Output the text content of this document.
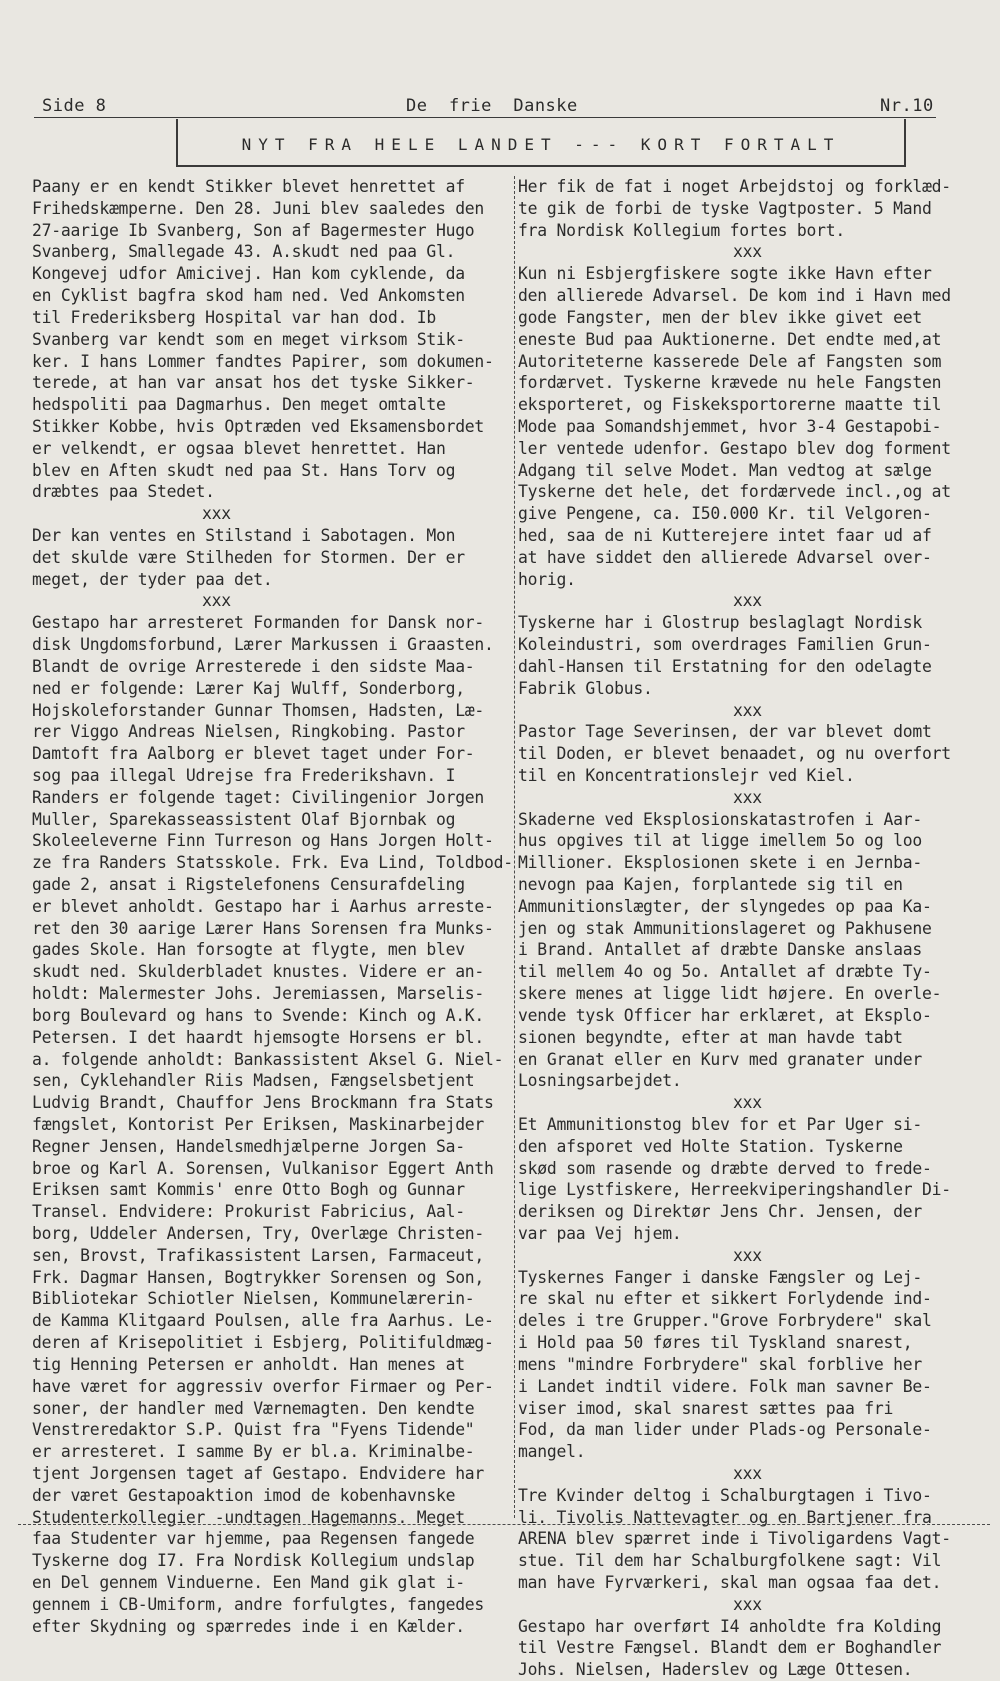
Side 8	De  frie  Danske	Nr.10
NYT FRA HELE LANDET --- KORT FORTALT
Paany er en kendt Stikker blevet henrettet af
Frihedskæmperne. Den 28. Juni blev saaledes den
27-aarige Ib Svanberg, Son af Bagermester Hugo
Svanberg, Smallegade 43. A.skudt ned paa Gl.
Kongevej udfor Amicivej. Han kom cyklende, da
en Cyklist bagfra skod ham ned. Ved Ankomsten
til Frederiksberg Hospital var han dod. Ib
Svanberg var kendt som en meget virksom Stik-
ker. I hans Lommer fandtes Papirer, som dokumen-
terede, at han var ansat hos det tyske Sikker-
hedspoliti paa Dagmarhus. Den meget omtalte
Stikker Kobbe, hvis Optræden ved Eksamensbordet
er velkendt, er ogsaa blevet henrettet. Han
blev en Aften skudt ned paa St. Hans Torv og
dræbtes paa Stedet.
xxx
Der kan ventes en Stilstand i Sabotagen. Mon
det skulde være Stilheden for Stormen. Der er
meget, der tyder paa det.
xxx
Gestapo har arresteret Formanden for Dansk nor-
disk Ungdomsforbund, Lærer Markussen i Graasten.
Blandt de ovrige Arresterede i den sidste Maa-
ned er folgende: Lærer Kaj Wulff, Sonderborg,
Hojskoleforstander Gunnar Thomsen, Hadsten, Læ-
rer Viggo Andreas Nielsen, Ringkobing. Pastor
Damtoft fra Aalborg er blevet taget under For-
sog paa illegal Udrejse fra Frederikshavn. I
Randers er folgende taget: Civilingenior Jorgen
Muller, Sparekasseassistent Olaf Bjornbak og
Skoleeleverne Finn Turreson og Hans Jorgen Holt-
ze fra Randers Statsskole. Frk. Eva Lind, Toldbod-
gade 2, ansat i Rigstelefonens Censurafdeling
er blevet anholdt. Gestapo har i Aarhus arreste-
ret den 30 aarige Lærer Hans Sorensen fra Munks-
gades Skole. Han forsogte at flygte, men blev
skudt ned. Skulderbladet knustes. Videre er an-
holdt: Malermester Johs. Jeremiassen, Marselis-
borg Boulevard og hans to Svende: Kinch og A.K.
Petersen. I det haardt hjemsogte Horsens er bl.
a. folgende anholdt: Bankassistent Aksel G. Niel-
sen, Cyklehandler Riis Madsen, Fængselsbetjent
Ludvig Brandt, Chauffor Jens Brockmann fra Stats
fængslet, Kontorist Per Eriksen, Maskinarbejder
Regner Jensen, Handelsmedhjælperne Jorgen Sa-
broe og Karl A. Sorensen, Vulkanisor Eggert Anth
Eriksen samt Kommis' enre Otto Bogh og Gunnar
Transel. Endvidere: Prokurist Fabricius, Aal-
borg, Uddeler Andersen, Try, Overlæge Christen-
sen, Brovst, Trafikassistent Larsen, Farmaceut,
Frk. Dagmar Hansen, Bogtrykker Sorensen og Son,
Bibliotekar Schiotler Nielsen, Kommunelærerin-
de Kamma Klitgaard Poulsen, alle fra Aarhus. Le-
deren af Krisepolitiet i Esbjerg, Politifuldmæg-
tig Henning Petersen er anholdt. Han menes at
have været for aggressiv overfor Firmaer og Per-
soner, der handler med Værnemagten. Den kendte
Venstreredaktor S.P. Quist fra "Fyens Tidende"
er arresteret. I samme By er bl.a. Kriminalbe-
tjent Jorgensen taget af Gestapo. Endvidere har
der været Gestapoaktion imod de kobenhavnske
Studenterkollegier -undtagen Hagemanns. Meget
faa Studenter var hjemme, paa Regensen fangede
Tyskerne dog I7. Fra Nordisk Kollegium undslap
en Del gennem Vinduerne. Een Mand gik glat i-
gennem i CB-Umiform, andre forfulgtes, fangedes
efter Skydning og spærredes inde i en Kælder.
Her fik de fat i noget Arbejdstoj og forklæd-
te gik de forbi de tyske Vagtposter. 5 Mand
fra Nordisk Kollegium fortes bort.
xxx
Kun ni Esbjergfiskere sogte ikke Havn efter
den allierede Advarsel. De kom ind i Havn med
gode Fangster, men der blev ikke givet eet
eneste Bud paa Auktionerne. Det endte med,at
Autoriteterne kasserede Dele af Fangsten som
fordærvet. Tyskerne krævede nu hele Fangsten
eksporteret, og Fiskeksportorerne maatte til
Mode paa Somandshjemmet, hvor 3-4 Gestapobi-
ler ventede udenfor. Gestapo blev dog forment
Adgang til selve Modet. Man vedtog at sælge
Tyskerne det hele, det fordærvede incl.,og at
give Pengene, ca. I50.000 Kr. til Velgoren-
hed, saa de ni Kutterejere intet faar ud af
at have siddet den allierede Advarsel over-
horig.
xxx
Tyskerne har i Glostrup beslaglagt Nordisk
Koleindustri, som overdrages Familien Grun-
dahl-Hansen til Erstatning for den odelagte
Fabrik Globus.
xxx
Pastor Tage Severinsen, der var blevet domt
til Doden, er blevet benaadet, og nu overfort
til en Koncentrationslejr ved Kiel.
xxx
Skaderne ved Eksplosionskatastrofen i Aar-
hus opgives til at ligge imellem 5o og loo
Millioner. Eksplosionen skete i en Jernba-
nevogn paa Kajen, forplantede sig til en
Ammunitionslægter, der slyngedes op paa Ka-
jen og stak Ammunitionslageret og Pakhusene
i Brand. Antallet af dræbte Danske anslaas
til mellem 4o og 5o. Antallet af dræbte Ty-
skere menes at ligge lidt højere. En overle-
vende tysk Officer har erklæret, at Eksplo-
sionen begyndte, efter at man havde tabt
en Granat eller en Kurv med granater under
Losningsarbejdet.
xxx
Et Ammunitionstog blev for et Par Uger si-
den afsporet ved Holte Station. Tyskerne
skød som rasende og dræbte derved to frede-
lige Lystfiskere, Herreekviperingshandler Di-
deriksen og Direktør Jens Chr. Jensen, der
var paa Vej hjem.
xxx
Tyskernes Fanger i danske Fængsler og Lej-
re skal nu efter et sikkert Forlydende ind-
deles i tre Grupper."Grove Forbrydere" skal
i Hold paa 50 føres til Tyskland snarest,
mens "mindre Forbrydere" skal forblive her
i Landet indtil videre. Folk man savner Be-
viser imod, skal snarest sættes paa fri
Fod, da man lider under Plads-og Personale-
mangel.
xxx
Tre Kvinder deltog i Schalburgtagen i Tivo-
li. Tivolis Nattevagter og en Bartjener fra
ARENA blev spærret inde i Tivoligardens Vagt-
stue. Til dem har Schalburgfolkene sagt: Vil
man have Fyrværkeri, skal man ogsaa faa det.
xxx
Gestapo har overført I4 anholdte fra Kolding
til Vestre Fængsel. Blandt dem er Boghandler
Johs. Nielsen, Haderslev og Læge Ottesen.
